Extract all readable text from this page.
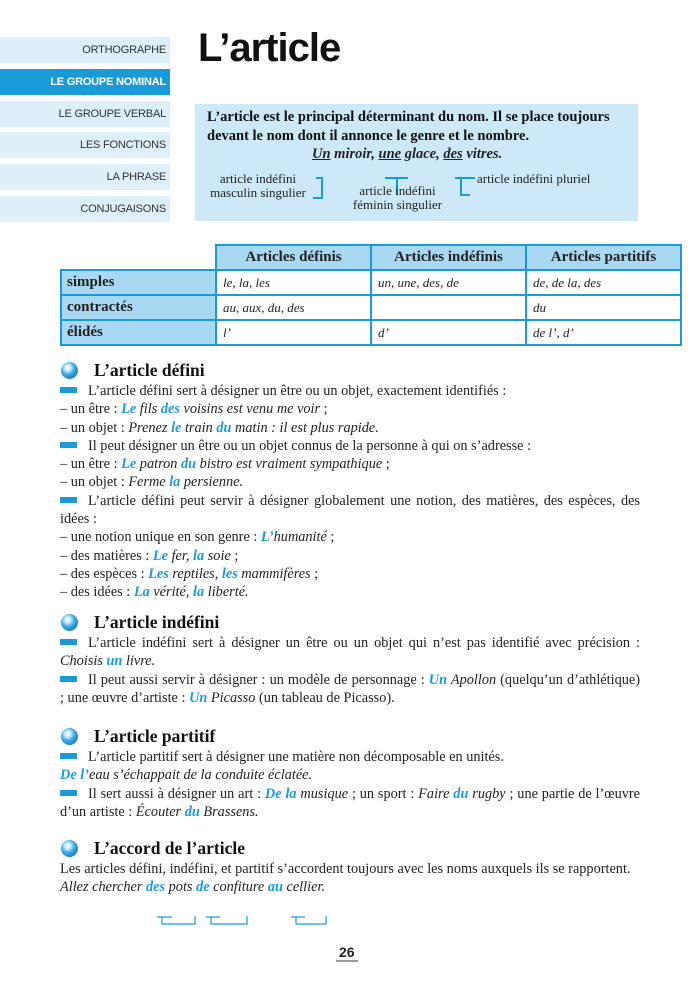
ORTHOGRAPHE
LE GROUPE NOMINAL
LE GROUPE VERBAL
LES FONCTIONS
LA PHRASE
CONJUGAISONS
L’article
L’article est le principal déterminant du nom. Il se place toujours devant le nom dont il annonce le genre et le nombre.
Un miroir, une glace, des vitres.
article indéfini masculin singulier	article indéfini féminin singulier
article indéfini pluriel
	Articles définis	Articles indéfinis	Articles partitifs
simples	le, la, les	un, une, des, de	de, de la, des
contractés	au, aux, du, des		du
élidés	l’	d’	de l’, d’
L’article défini
L’article défini sert à désigner un être ou un objet, exactement identifiés :
– un être : Le fils des voisins est venu me voir ;
– un objet : Prenez le train du matin : il est plus rapide.
Il peut désigner un être ou un objet connus de la personne à qui on s’adresse :
– un être : Le patron du bistro est vraiment sympathique ;
– un objet : Ferme la persienne.
L’article défini peut servir à désigner globalement une notion, des matières, des espèces, des idées :
– une notion unique en son genre : L’humanité ;
– des matières : Le fer, la soie ;
– des espèces : Les reptiles, les mammifères ;
– des idées : La vérité, la liberté.
L’article indéfini
L’article indéfini sert à désigner un être ou un objet qui n’est pas identifié avec précision : Choisis un livre.
Il peut aussi servir à désigner : un modèle de personnage : Un Apollon (quelqu’un d’athlétique) ; une œuvre d’artiste : Un Picasso (un tableau de Picasso).
L’article partitif
L’article partitif sert à désigner une matière non décomposable en unités.
De l’eau s’échappait de la conduite éclatée.
Il sert aussi à désigner un art : De la musique ; un sport : Faire du rugby ; une partie de l’œuvre d’un artiste : Écouter du Brassens.
L’accord de l’article
Les articles défini, indéfini, et partitif s’accordent toujours avec les noms auxquels ils se rapportent.
Allez chercher des pots de confiture au cellier.
26
